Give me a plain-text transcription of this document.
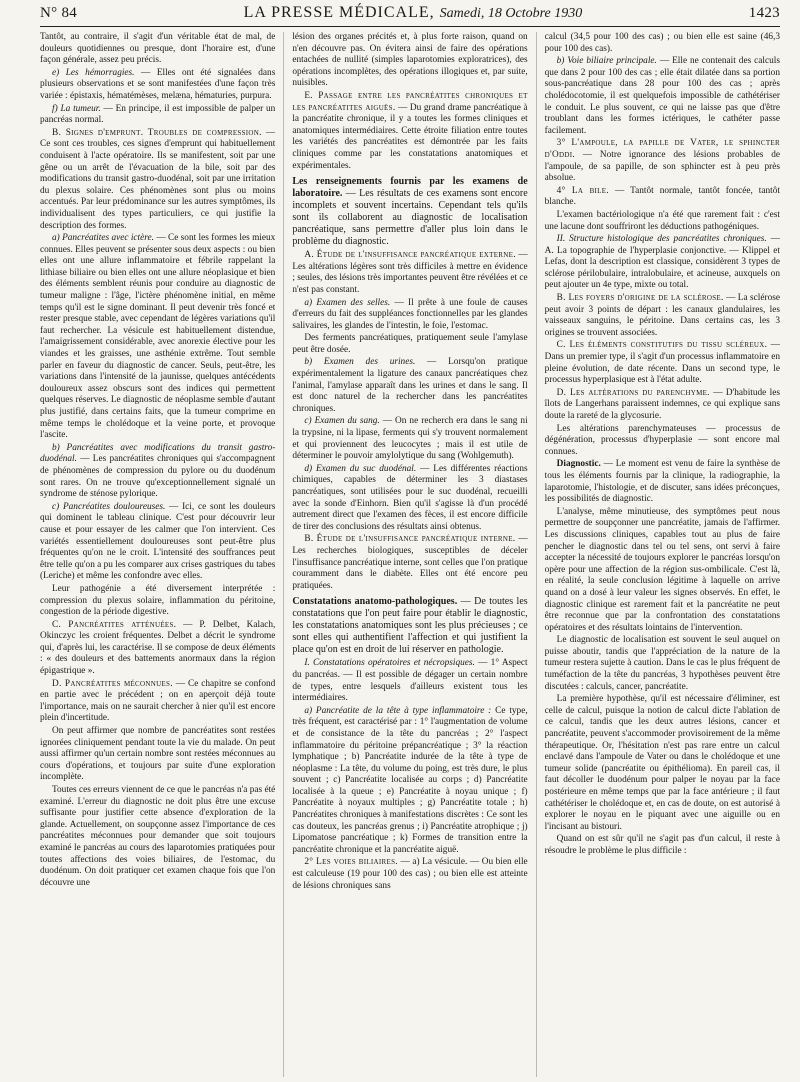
N° 84	LA PRESSE MÉDICALE, Samedi, 18 Octobre 1930	1423

Tantôt, au contraire, il s'agit d'un véritable état de mal, de douleurs quotidiennes ou presque, dont l'horaire est, d'une façon générale, assez peu précis.

e) Les hémorragies. — Elles ont été signalées dans plusieurs observations et se sont manifestées d'une façon très variée : épistaxis, hématémèses, melæna, hématuries, purpura.

f) La tumeur. — En principe, il est impossible de palper un pancréas normal.

B. Signes d'emprunt. Troubles de compression. — Ce sont ces troubles, ces signes d'emprunt qui habituellement conduisent à l'acte opératoire. Ils se manifestent, soit par une gêne ou un arrêt de l'évacuation de la bile, soit par des modifications du transit gastro-duodénal, soit par une irritation du plexus solaire. Ces phénomènes sont plus ou moins accentués. Par leur prédominance sur les autres symptômes, ils individualisent des types particuliers, ce qui justifie la description des formes.

a) Pancréatites avec ictère. — Ce sont les formes les mieux connues. Elles peuvent se présenter sous deux aspects : ou bien elles ont une allure inflammatoire et fébrile rappelant la lithiase biliaire ou bien elles ont une allure néoplasique et bien des éléments semblent réunis pour conduire au diagnostic de tumeur maligne : l'âge, l'ictère phénomène initial, en même temps qu'il est le signe dominant. Il peut devenir très foncé et rester presque stable, avec cependant de légères variations qu'il faut rechercher. La vésicule est habituellement distendue, l'amaigrissement considérable, avec anorexie élective pour les viandes et les graisses, une asthénie extrême. Tout semble parler en faveur du diagnostic de cancer. Seuls, peut-être, les variations dans l'intensité de la jaunisse, quelques antécédents douloureux assez obscurs sont des indices qui permettent quelques réserves. Le diagnostic de néoplasme semble d'autant plus justifié, dans certains faits, que la tumeur comprime en même temps le cholédoque et la veine porte, et provoque l'ascite.

b) Pancréatites avec modifications du transit gastro-duodénal. — Les pancréatites chroniques qui s'accompagnent de phénomènes de compression du pylore ou du duodénum sont rares. On ne trouve qu'exceptionnellement signalé un syndrome de sténose pylorique.

c) Pancréatites douloureuses. — Ici, ce sont les douleurs qui dominent le tableau clinique. C'est pour découvrir leur cause et pour essayer de les calmer que l'on intervient. Ces variétés essentiellement douloureuses sont peut-être plus fréquentes qu'on ne le croit. L'intensité des souffrances peut être telle qu'on a pu les comparer aux crises gastriques du tabes (Leriche) et même les confondre avec elles.

Leur pathogénie a été diversement interprétée : compression du plexus solaire, inflammation du péritoine, congestion de la période digestive.

C. Pancréatites atténuées. — P. Delbet, Kalach, Okinczyc les croient fréquentes. Delbet a décrit le syndrome qui, d'après lui, les caractérise. Il se compose de deux éléments : « des douleurs et des battements anormaux dans la région épigastrique ».

D. Pancréatites méconnues. — Ce chapitre se confond en partie avec le précédent ; on en aperçoit déjà toute l'importance, mais on ne saurait chercher à nier qu'il est encore plein d'incertitude.

On peut affirmer que nombre de pancréatites sont restées ignorées cliniquement pendant toute la vie du malade. On peut aussi affirmer qu'un certain nombre sont restées méconnues au cours d'opérations, et toujours par suite d'une exploration incomplète.

Toutes ces erreurs viennent de ce que le pancréas n'a pas été examiné. L'erreur du diagnostic ne doit plus être une excuse suffisante pour justifier cette absence d'exploration de la glande. Actuellement, on soupçonne assez l'importance de ces pancréatites méconnues pour demander que soit toujours examiné le pancréas au cours des laparotomies pratiquées pour toutes affections des voies biliaires, de l'estomac, du duodénum. On doit pratiquer cet examen chaque fois que l'on découvre une

lésion des organes précités et, à plus forte raison, quand on n'en découvre pas. On évitera ainsi de faire des opérations entachées de nullité (simples laparotomies exploratrices), des opérations incomplètes, des opérations illogiques et, par suite, nuisibles.

E. Passage entre les pancréatites chroniques et les pancréatites aiguës. — Du grand drame pancréatique à la pancréatite chronique, il y a toutes les formes cliniques et anatomiques intermédiaires. Cette étroite filiation entre toutes les variétés des pancréatites est démontrée par les faits cliniques comme par les constatations anatomiques et expérimentales.

Les renseignements fournis par les examens de laboratoire. — Les résultats de ces examens sont encore incomplets et souvent incertains. Cependant tels qu'ils sont ils collaborent au diagnostic de localisation pancréatique, sans permettre d'aller plus loin dans le problème du diagnostic.

A. Étude de l'insuffisance pancréatique externe. — Les altérations légères sont très difficiles à mettre en évidence ; seules, des lésions très importantes peuvent être révélées et ce n'est pas constant.

a) Examen des selles. — Il prête à une foule de causes d'erreurs du fait des suppléances fonctionnelles par les glandes salivaires, les glandes de l'intestin, le foie, l'estomac.

Des ferments pancréatiques, pratiquement seule l'amylase peut être dosée.

b) Examen des urines. — Lorsqu'on pratique expérimentalement la ligature des canaux pancréatiques chez l'animal, l'amylase apparaît dans les urines et dans le sang. Il est donc naturel de la rechercher dans les pancréatites chroniques.

c) Examen du sang. — On ne recherch era dans le sang ni la trypsine, ni la lipase, ferments qui s'y trouvent normalement et qui proviennent des leucocytes ; mais il est utile de déterminer le pouvoir amylolytique du sang (Wohlgemuth).

d) Examen du suc duodénal. — Les différentes réactions chimiques, capables de déterminer les 3 diastases pancréatiques, sont utilisées pour le suc duodénal, recueilli avec la sonde d'Einhorn. Bien qu'il s'agisse là d'un procédé autrement direct que l'examen des fèces, il est encore difficile de tirer des conclusions des résultats ainsi obtenus.

B. Étude de l'insuffisance pancréatique interne. — Les recherches biologiques, susceptibles de déceler l'insuffisance pancréatique interne, sont celles que l'on pratique couramment dans le diabète. Elles ont été encore peu pratiquées.

Constatations anatomo-pathologiques. — De toutes les constatations que l'on peut faire pour établir le diagnostic, les constatations anatomiques sont les plus précieuses ; ce sont elles qui authentifient l'affection et qui justifient la place qu'on est en droit de lui réserver en pathologie.

I. Constatations opératoires et nécropsiques. — 1° Aspect du pancréas. — Il est possible de dégager un certain nombre de types, entre lesquels d'ailleurs existent tous les intermédiaires.

a) Pancréatite de la tête à type inflammatoire : Ce type, très fréquent, est caractérisé par : 1° l'augmentation de volume et de consistance de la tête du pancréas ; 2° l'aspect inflammatoire du péritoine prépancréatique ; 3° la réaction lymphatique ; b) Pancréatite indurée de la tête à type de néoplasme : La tête, du volume du poing, est très dure, le plus souvent ; c) Pancréatite localisée au corps ; d) Pancréatite localisée à la queue ; e) Pancréatite à noyau unique ; f) Pancréatite à noyaux multiples ; g) Pancréatite totale ; h) Pancréatites chroniques à manifestations discrètes : Ce sont les cas douteux, les pancréas grenus ; i) Pancréatite atrophique ; j) Lipomatose pancréatique ; k) Formes de transition entre la pancréatite chronique et la pancréatite aiguë.

2° Les voies biliaires. — a) La vésicule. — Ou bien elle est calculeuse (19 pour 100 des cas) ; ou bien elle est atteinte de lésions chroniques sans

calcul (34,5 pour 100 des cas) ; ou bien elle est saine (46,3 pour 100 des cas).

b) Voie biliaire principale. — Elle ne contenait des calculs que dans 2 pour 100 des cas ; elle était dilatée dans sa portion sous-pancréatique dans 28 pour 100 des cas ; après cholédocotomie, il est quelquefois impossible de cathétériser le conduit. Le plus souvent, ce qui ne laisse pas que d'être troublant dans les formes ictériques, le cathéter passe facilement.

3° L'ampoule, la papille de Vater, le sphincter d'Oddi. — Notre ignorance des lésions probables de l'ampoule, de sa papille, de son sphincter est à peu près absolue.

4° La bile. — Tantôt normale, tantôt foncée, tantôt blanche.

L'examen bactériologique n'a été que rarement fait : c'est une lacune dont souffriront les déductions pathogéniques.

II. Structure histologique des pancréatites chroniques. — A. La topographie de l'hyperplasie conjonctive. — Klippel et Lefas, dont la description est classique, considèrent 3 types de sclérose périlobulaire, intralobulaire, et acineuse, auxquels on peut ajouter un 4e type, mixte ou total.

B. Les foyers d'origine de la sclérose. — La sclérose peut avoir 3 points de départ : les canaux glandulaires, les vaisseaux sanguins, le péritoine. Dans certains cas, les 3 origines se trouvent associées.

C. Les éléments constitutifs du tissu scléreux. — Dans un premier type, il s'agit d'un processus inflammatoire en pleine évolution, de date récente. Dans un second type, le processus hyperplasique est à l'état adulte.

D. Les altérations du parenchyme. — D'habitude les îlots de Langerhans paraissent indemnes, ce qui explique sans doute la rareté de la glycosurie.

Les altérations parenchymateuses — processus de dégénération, processus d'hyperplasie — sont encore mal connues.

Diagnostic. — Le moment est venu de faire la synthèse de tous les éléments fournis par la clinique, la radiographie, la laparotomie, l'histologie, et de discuter, sans idées préconçues, les possibilités de diagnostic.

L'analyse, même minutieuse, des symptômes peut nous permettre de soupçonner une pancréatite, jamais de l'affirmer. Les discussions cliniques, capables tout au plus de faire pencher le diagnostic dans tel ou tel sens, ont servi à faire accepter la nécessité de toujours explorer le pancréas lorsqu'on opère pour une affection de la région sus-ombilicale. C'est là, en réalité, la seule conclusion légitime à laquelle on arrive quand on a dosé à leur valeur les signes observés. En effet, le diagnostic clinique est rarement fait et la pancréatite ne peut être reconnue que par la confrontation des constatations opératoires et des résultats lointains de l'intervention.

Le diagnostic de localisation est souvent le seul auquel on puisse aboutir, tandis que l'appréciation de la nature de la tumeur restera sujette à caution. Dans le cas le plus fréquent de tuméfaction de la tête du pancréas, 3 hypothèses peuvent être discutées : calculs, cancer, pancréatite.

La première hypothèse, qu'il est nécessaire d'éliminer, est celle de calcul, puisque la notion de calcul dicte l'ablation de ce calcul, tandis que les deux autres lésions, cancer et pancréatite, peuvent s'accommoder provisoirement de la même thérapeutique. Or, l'hésitation n'est pas rare entre un calcul enclavé dans l'ampoule de Vater ou dans le cholédoque et une tumeur solide (pancréatite ou épithélioma). En pareil cas, il faut décoller le duodénum pour palper le noyau par la face postérieure en même temps que par la face antérieure ; il faut cathétériser le cholédoque et, en cas de doute, on est autorisé à explorer le noyau en le piquant avec une aiguille ou en l'incisant au bistouri.

Quand on est sûr qu'il ne s'agit pas d'un calcul, il reste à résoudre le problème le plus difficile :
